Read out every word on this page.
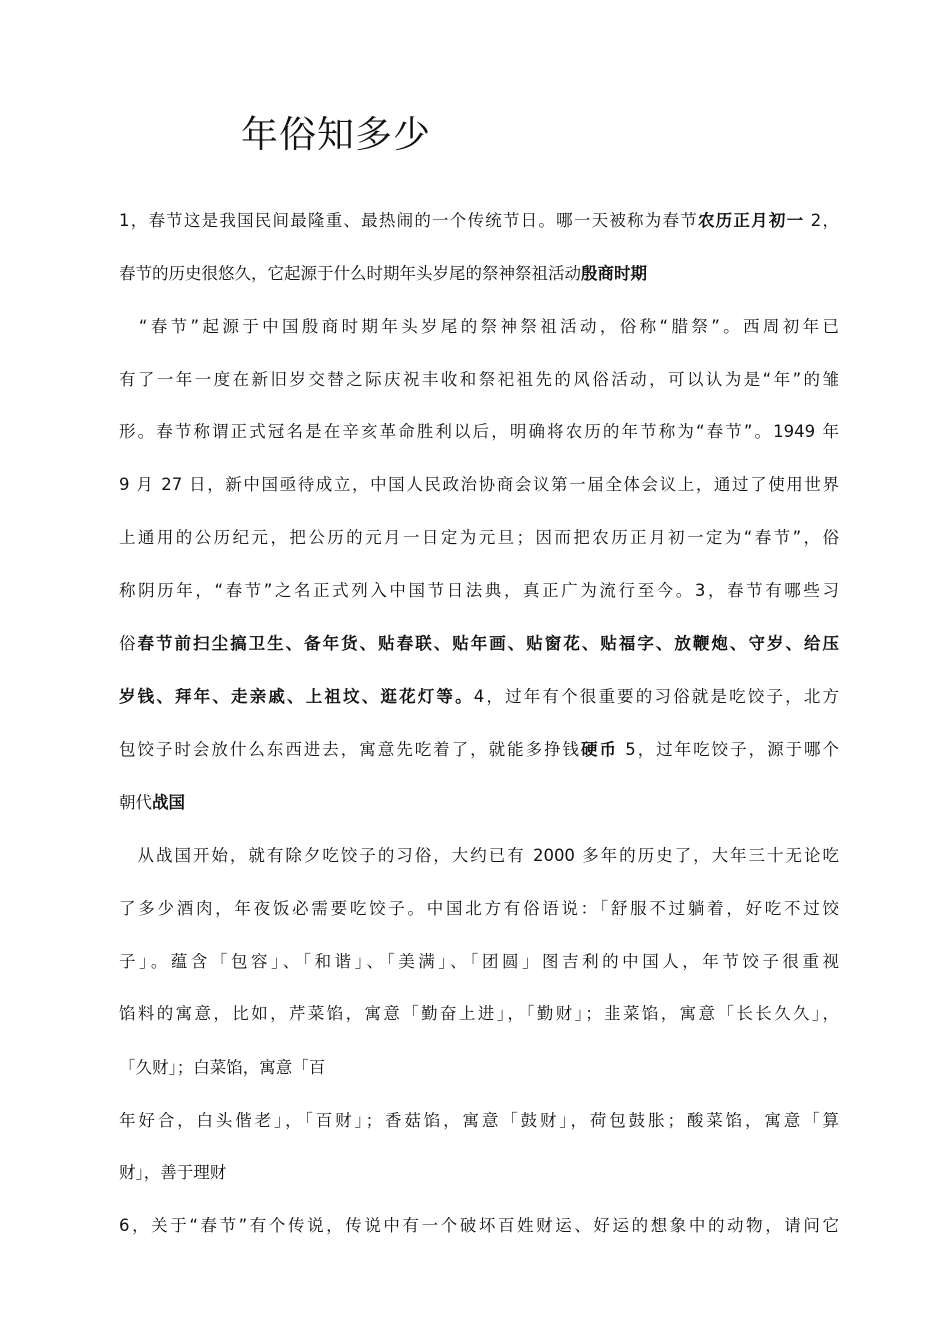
年俗知多少
1，春节这是我国民间最隆重、最热闹的一个传统节日。哪一天被称为春节农历正月初一 2，
春节的历史很悠久，它起源于什么时期年头岁尾的祭神祭祖活动殷商时期
　“春节”起源于中国殷商时期年头岁尾的祭神祭祖活动，俗称“腊祭”。西周初年已
有了一年一度在新旧岁交替之际庆祝丰收和祭祀祖先的风俗活动，可以认为是“年”的雏
形。春节称谓正式冠名是在辛亥革命胜利以后，明确将农历的年节称为“春节”。1949 年
9 月 27 日，新中国亟待成立，中国人民政治协商会议第一届全体会议上，通过了使用世界
上通用的公历纪元，把公历的元月一日定为元旦；因而把农历正月初一定为“春节”，俗
称阴历年，“春节”之名正式列入中国节日法典，真正广为流行至今。3，春节有哪些习
俗春节前扫尘搞卫生、备年货、贴春联、贴年画、贴窗花、贴福字、放鞭炮、守岁、给压
岁钱、拜年、走亲戚、上祖坟、逛花灯等。4，过年有个很重要的习俗就是吃饺子，北方
包饺子时会放什么东西进去，寓意先吃着了，就能多挣钱硬币 5，过年吃饺子，源于哪个
朝代战国
　从战国开始，就有除夕吃饺子的习俗，大约已有 2000 多年的历史了，大年三十无论吃
了多少酒肉，年夜饭必需要吃饺子。中国北方有俗语说：「舒服不过躺着，好吃不过饺
子」。蕴含「包容」、「和谐」、「美满」、「团圆」图吉利的中国人，年节饺子很重视
馅料的寓意，比如，芹菜馅，寓意「勤奋上进」，「勤财」；韭菜馅，寓意「长长久久」，
「久财」；白菜馅，寓意「百
年好合，白头偕老」，「百财」；香菇馅，寓意「鼓财」，荷包鼓胀；酸菜馅，寓意「算
财」，善于理财
6，关于“春节”有个传说，传说中有一个破坏百姓财运、好运的想象中的动物，请问它
